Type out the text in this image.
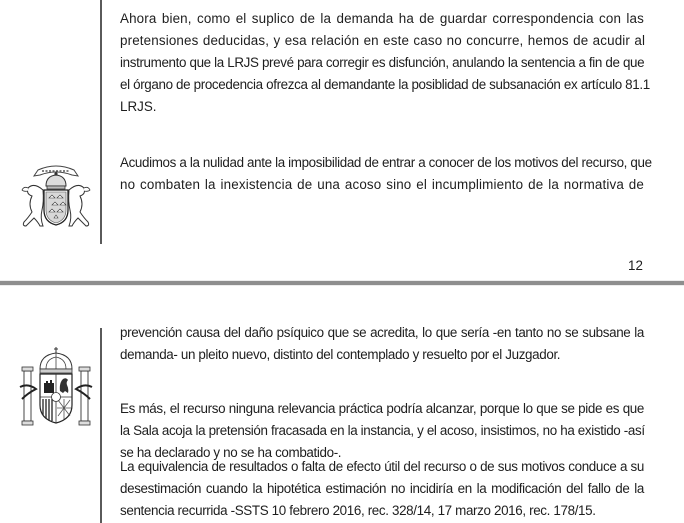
Ahora bien, como el suplico de la demanda ha de guardar correspondencia con las
pretensiones deducidas, y esa relación en este caso no concurre, hemos de acudir al
instrumento que la LRJS prevé para corregir es disfunción, anulando la sentencia a fin de que
el órgano de procedencia ofrezca al demandante la posiblidad de subsanación ex artículo 81.1
LRJS.

Acudimos a la nulidad ante la imposibilidad de entrar a conocer de los motivos del recurso, que
no combaten la inexistencia de una acoso sino el incumplimiento de la normativa de

12

prevención causa del daño psíquico que se acredita, lo que sería -en tanto no se subsane la
demanda- un pleito nuevo, distinto del contemplado y resuelto por el Juzgador.

Es más, el recurso ninguna relevancia práctica podría alcanzar, porque lo que se pide es que
la Sala acoja la pretensión fracasada en la instancia, y el acoso, insistimos, no ha existido -así
se ha declarado y no se ha combatido-.

La equivalencia de resultados o falta de efecto útil del recurso o de sus motivos conduce a su
desestimación cuando la hipotética estimación no incidiría en la modificación del fallo de la
sentencia recurrida -SSTS 10 febrero 2016, rec. 328/14, 17 marzo 2016, rec. 178/15.
